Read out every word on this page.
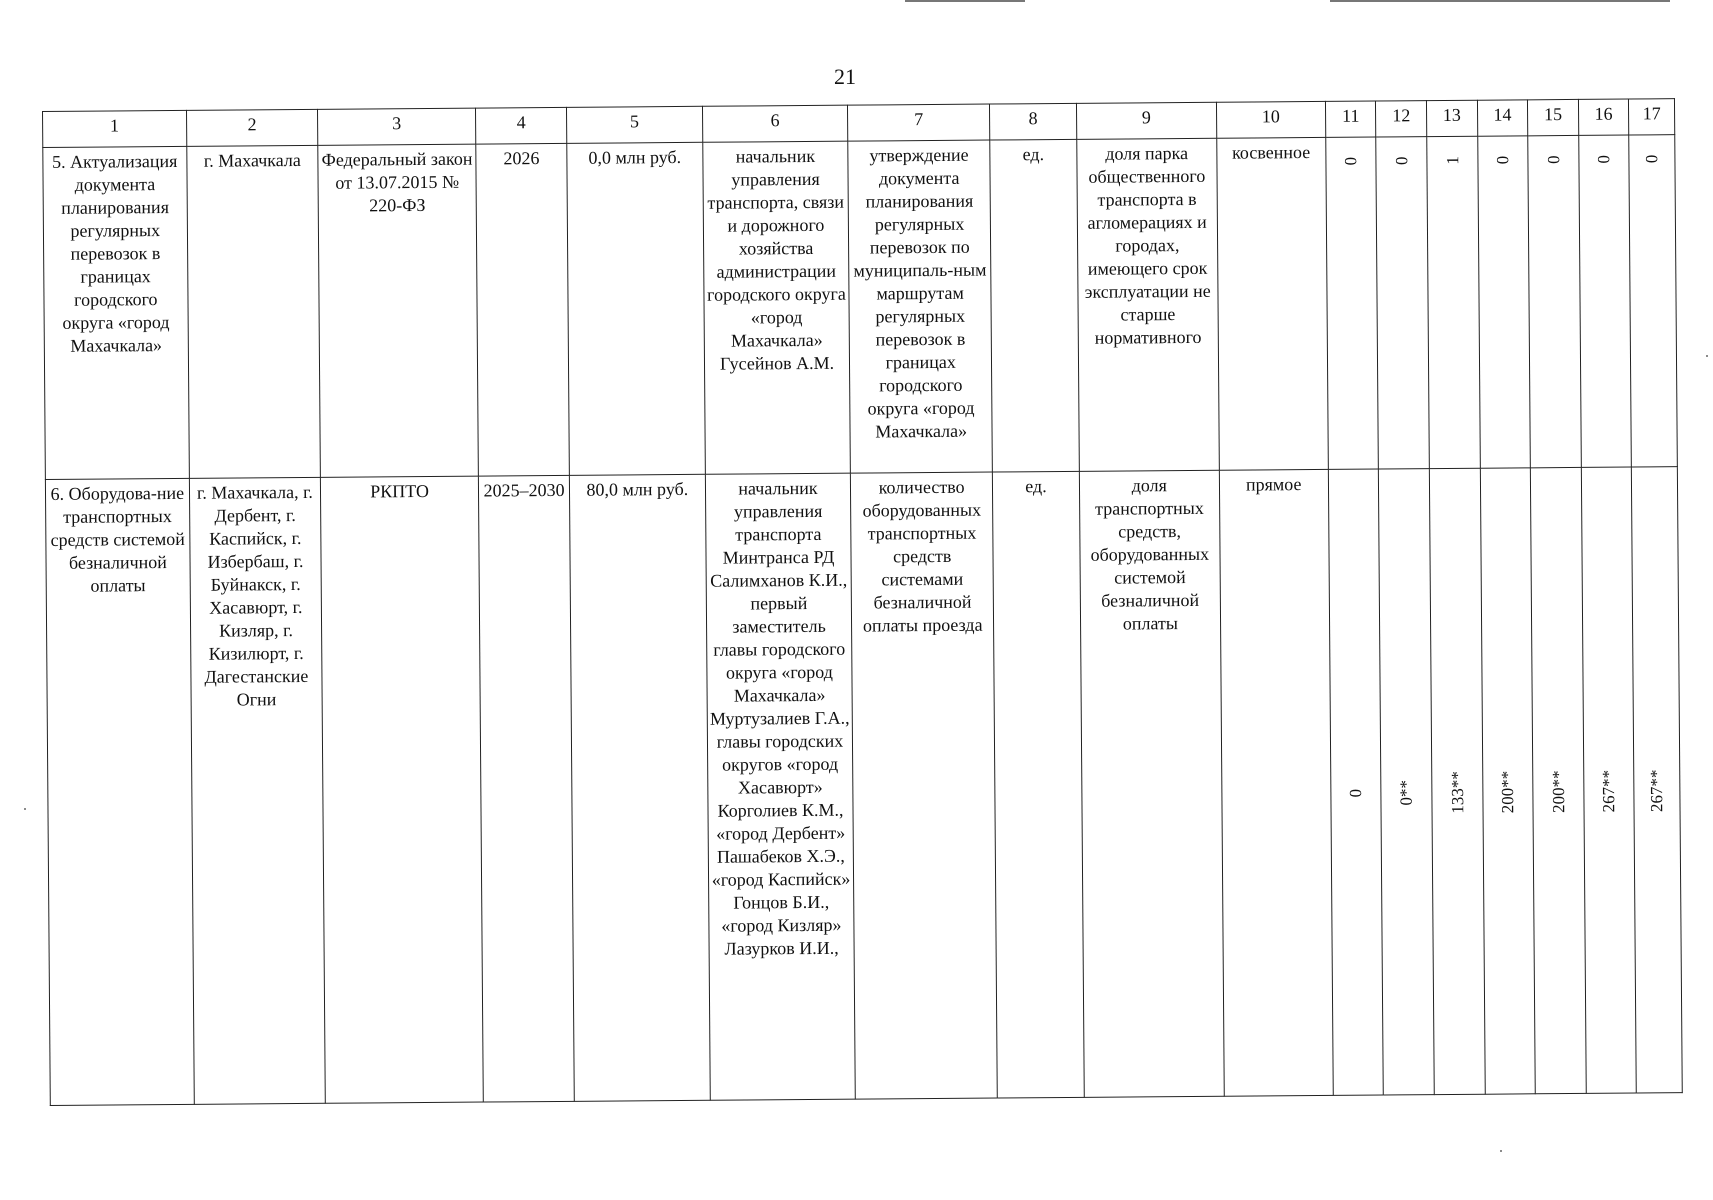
21
1	2	3	4	5	6	7	8	9	10	11	12	13	14	15	16	17
5. Актуализация документа планирования регулярных перевозок в границах городского округа «город Махачкала»	г. Махачкала	Федеральный закон от 13.07.2015 № 220-ФЗ	2026	0,0 млн руб.	начальник управления транспорта, связи и дорожного хозяйства администрации городского округа «город Махачкала» Гусейнов А.М.	утверждение документа планирования регулярных перевозок по муниципаль-ным маршрутам регулярных перевозок в границах городского округа «город Махачкала»	ед.	доля парка общественного транспорта в агломерациях и городах, имеющего срок эксплуатации не старше нормативного	косвенное	0	0	1	0	0	0	0

6. Оборудова-ние транспортных средств системой безналичной оплаты	г. Махачкала, г. Дербент, г. Каспийск, г. Избербаш, г. Буйнакск, г. Хасавюрт, г. Кизляр, г. Кизилюрт, г. Дагестанские Огни	РКПТО	2025–2030	80,0 млн руб.	начальник управления транспорта Минтранса РД Салимханов К.И., первый заместитель главы городского округа «город Махачкала» Муртузалиев Г.А., главы городских округов «город Хасавюрт» Корголиев К.М., «город Дербент» Пашабеков Х.Э., «город Каспийск» Гонцов Б.И., «город Кизляр» Лазурков И.И.,	количество оборудованных транспортных средств системами безналичной оплаты проезда	ед.	доля транспортных средств, оборудованных системой безналичной оплаты	прямое	0	0**	133**	200**	200**	267**	267**
